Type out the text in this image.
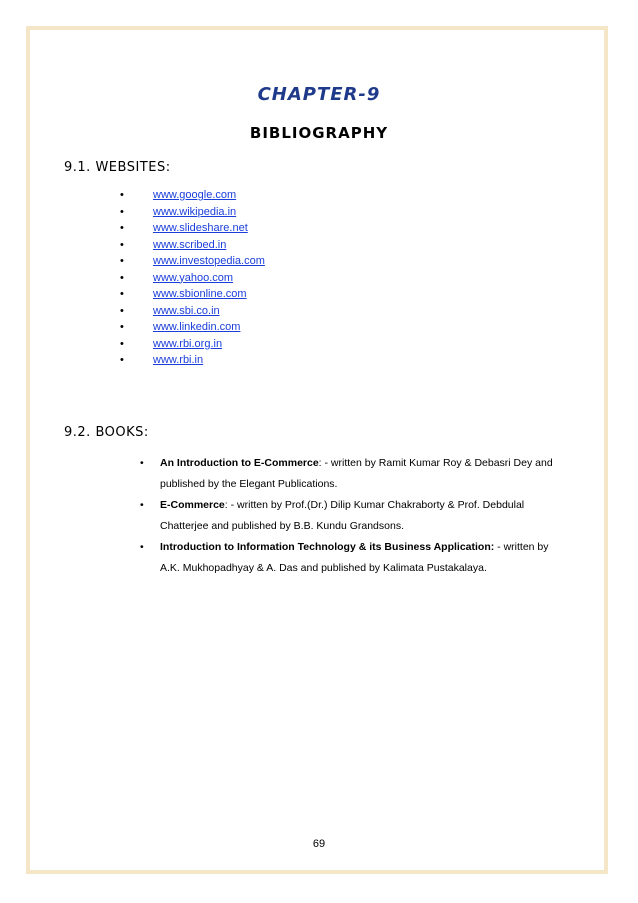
CHAPTER-9
BIBLIOGRAPHY
9.1. WEBSITES:
•	www.google.com
•	www.wikipedia.in
•	www.slideshare.net
•	www.scribed.in
•	www.investopedia.com
•	www.yahoo.com
•	www.sbionline.com
•	www.sbi.co.in
•	www.linkedin.com
•	www.rbi.org.in
•	www.rbi.in
9.2. BOOKS:
• An Introduction to E-Commerce: - written by Ramit Kumar Roy & Debasri Dey and published by the Elegant Publications.
• E-Commerce: - written by Prof.(Dr.) Dilip Kumar Chakraborty & Prof. Debdulal Chatterjee and published by B.B. Kundu Grandsons.
• Introduction to Information Technology & its Business Application: - written by A.K. Mukhopadhyay & A. Das and published by Kalimata Pustakalaya.
69
